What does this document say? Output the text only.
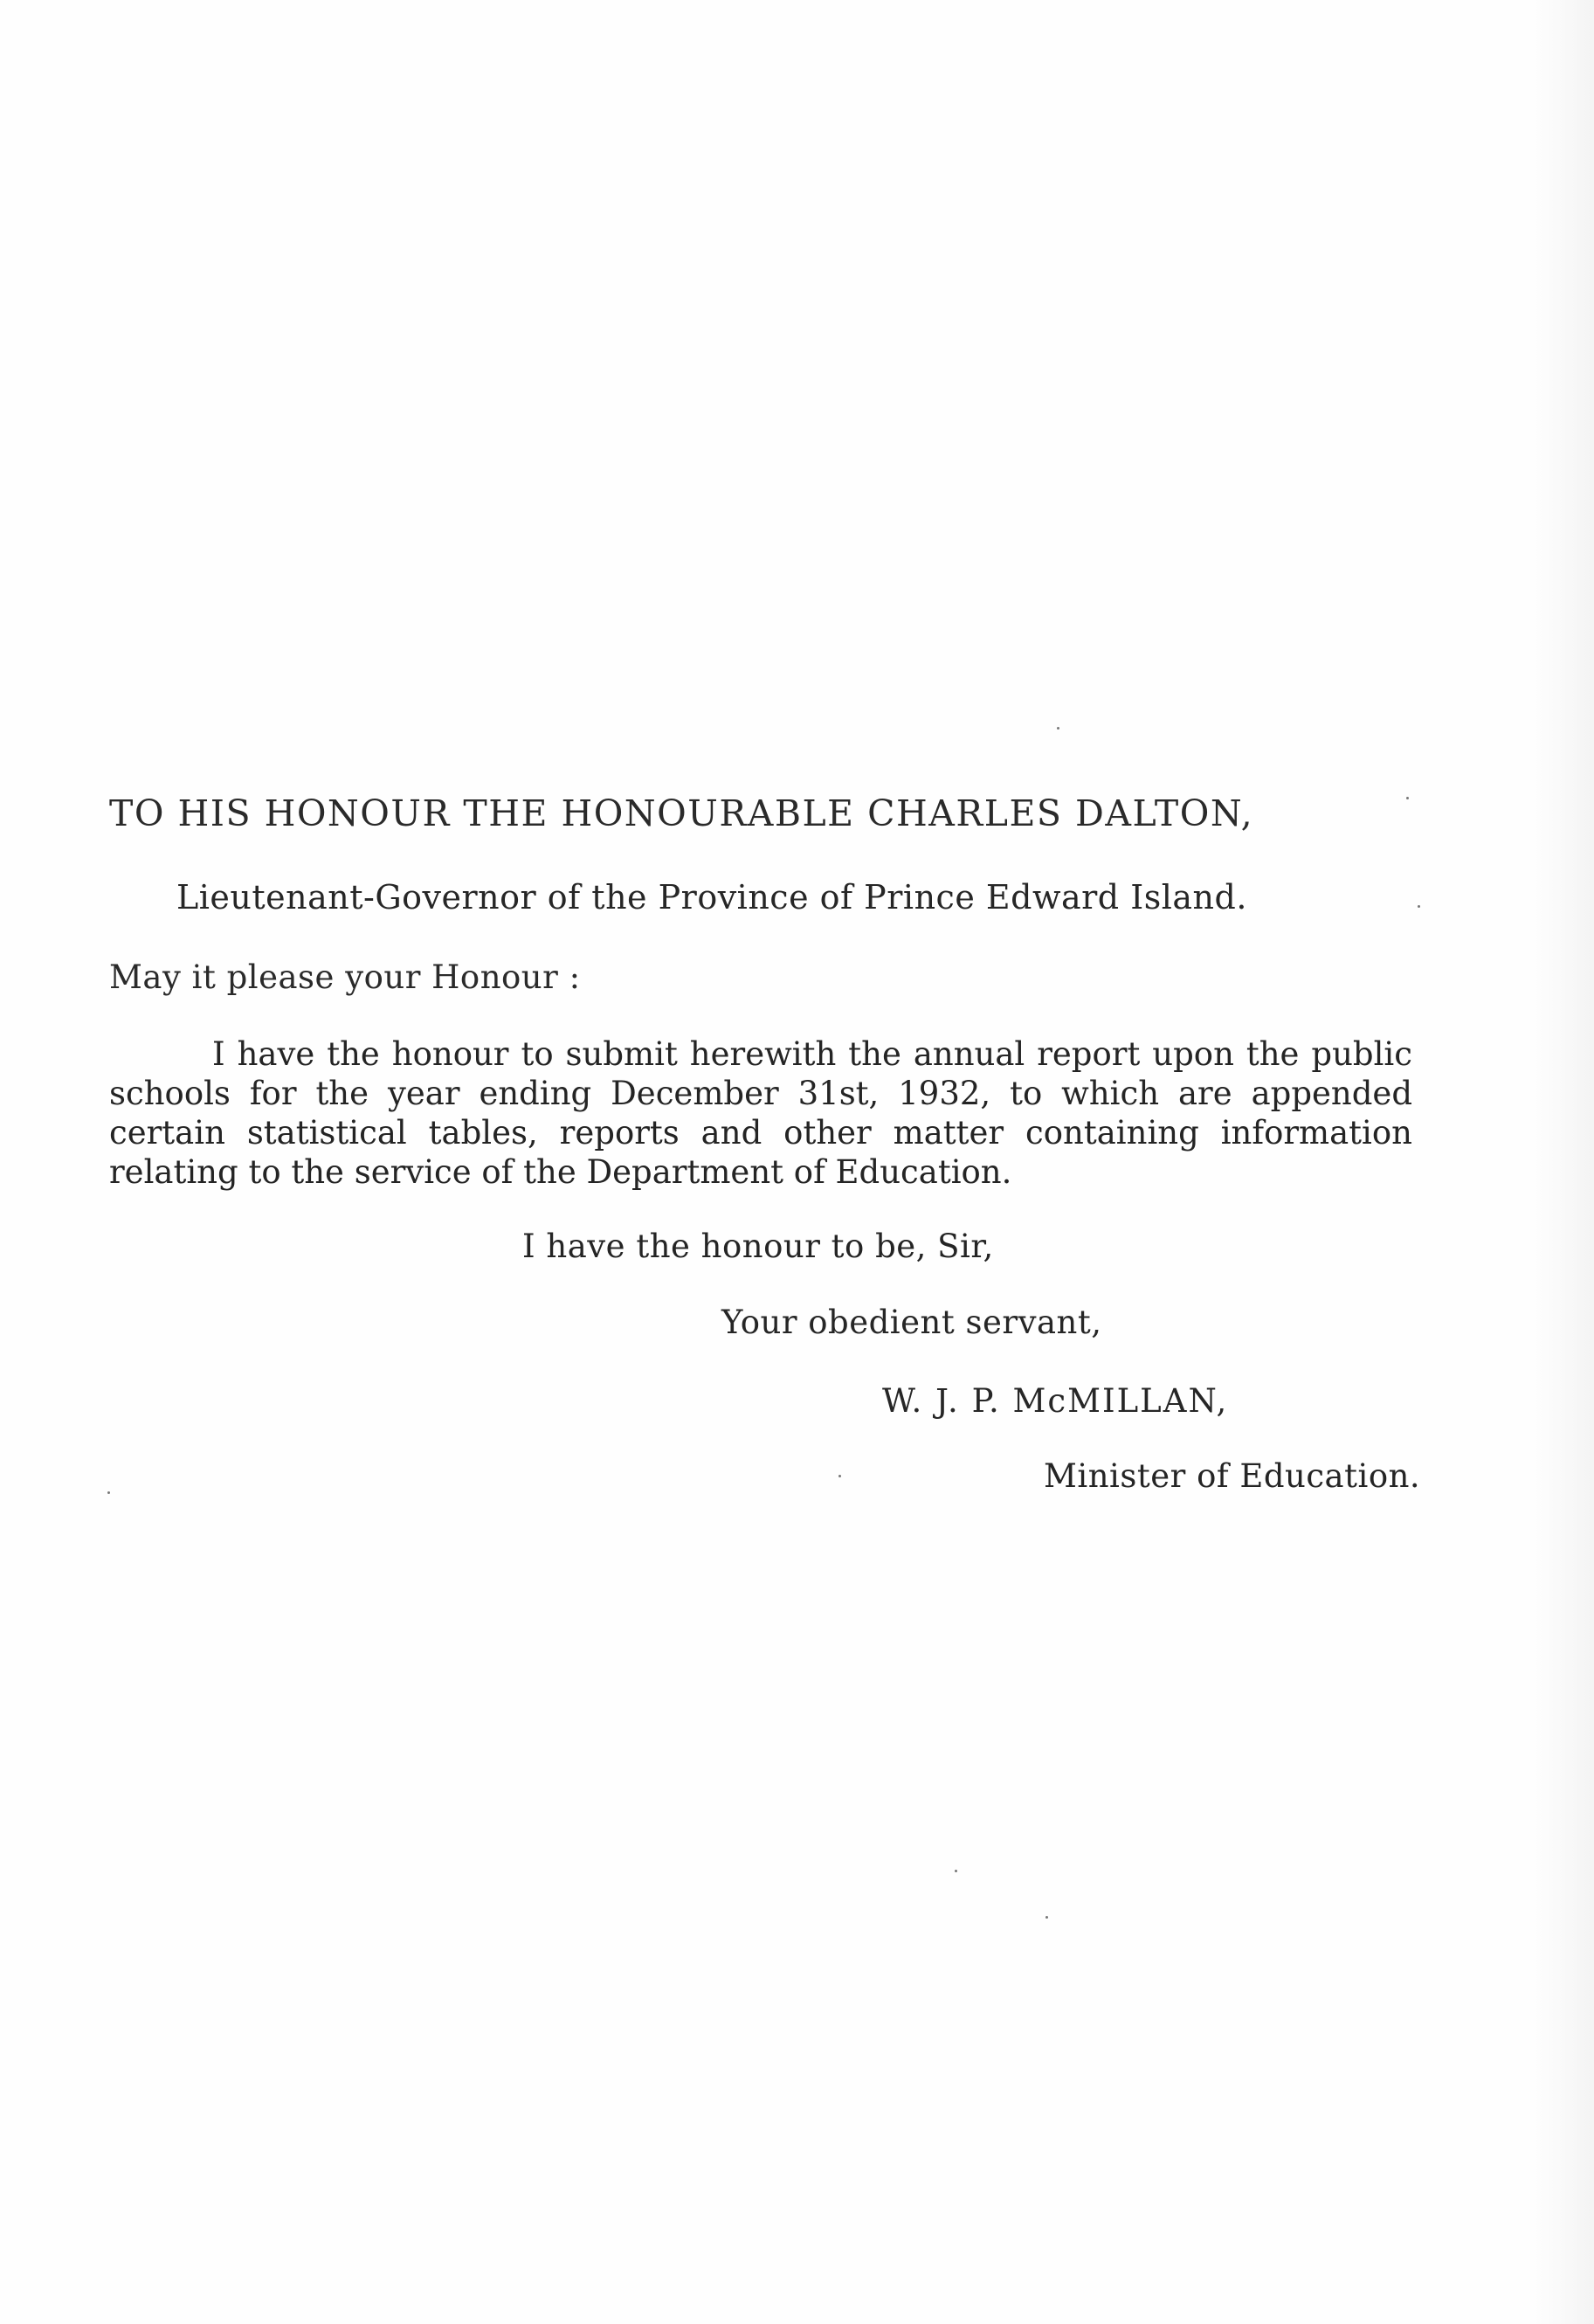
TO HIS HONOUR THE HONOURABLE CHARLES DALTON,
Lieutenant-Governor of the Province of Prince Edward Island.
May it please your Honour :
I have the honour to submit herewith the annual report upon the public schools for the year ending December 31st, 1932, to which are appended certain statistical tables, reports and other matter containing information relating to the service of the Department of Education.
I have the honour to be, Sir,
Your obedient servant,
W. J. P. McMILLAN,
Minister of Education.
